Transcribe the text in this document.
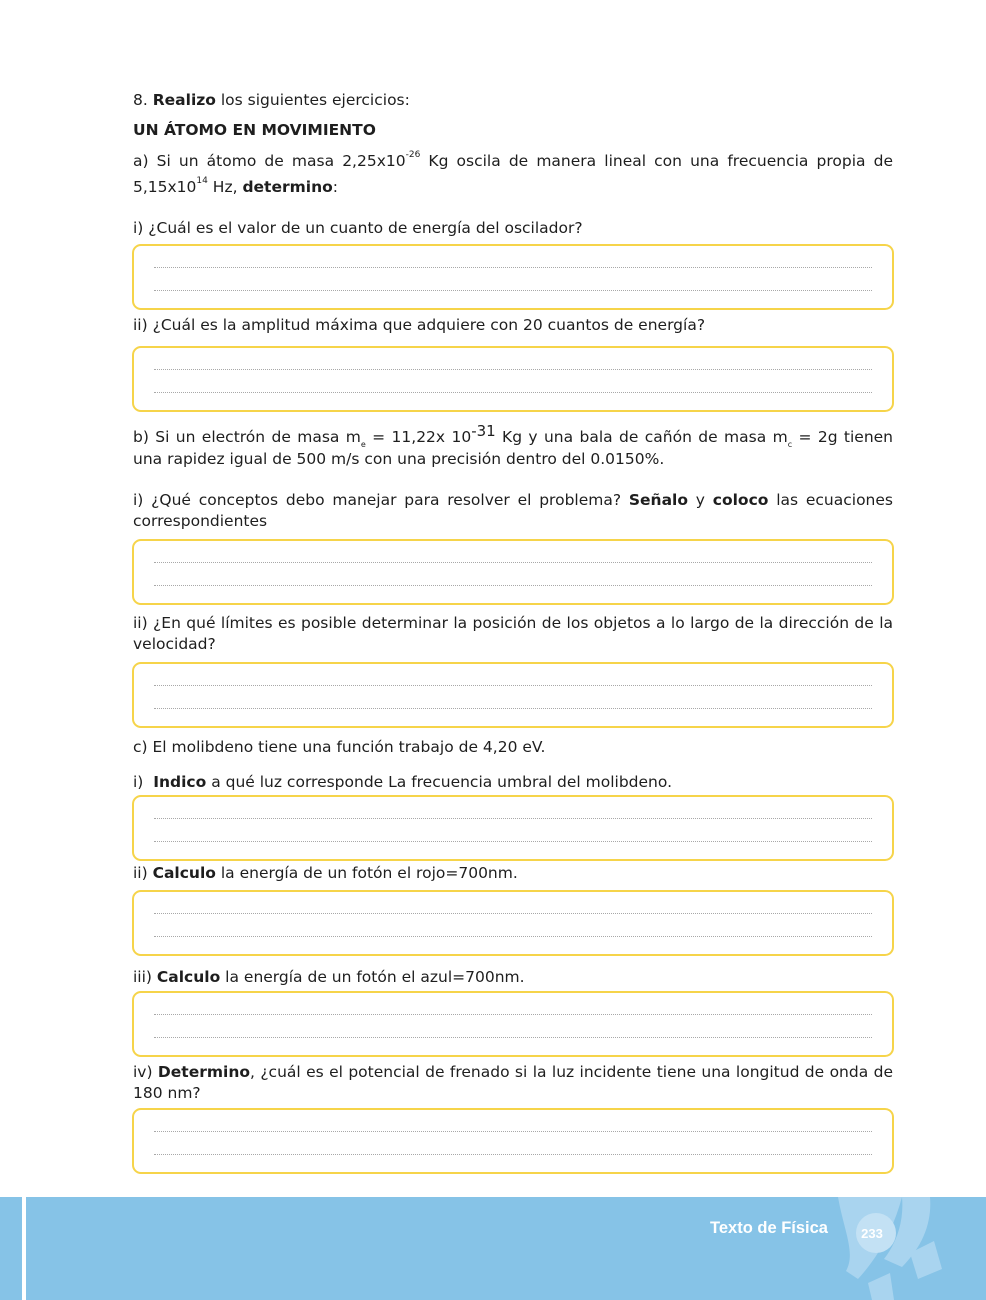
8. Realizo los siguientes ejercicios:

UN ÁTOMO EN MOVIMIENTO

a) Si un átomo de masa $2,25x10^{-26}$ Kg oscila de manera lineal con una frecuencia propia de

$5,15x10^{14}$ Hz, determino:

i) ¿Cuál es el valor de un cuanto de energía del oscilador?

ii) ¿Cuál es la amplitud máxima que adquiere con 20 cuantos de energía?

b) Si un electrón de masa $m_e = 11,22x$ 10-31 Kg y una bala de cañón de masa $m_c = 2g$ tienen

una rapidez igual de 500 m/s con una precisión dentro del 0.0150%.

i) ¿Qué conceptos debo manejar para resolver el problema? Señalo y coloco las ecuaciones

correspondientes

ii) ¿En qué límites es posible determinar la posición de los objetos a lo largo de la dirección de la

velocidad?

c) El molibdeno tiene una función trabajo de 4,20 eV.

i)  Indico a qué luz corresponde La frecuencia umbral del molibdeno.

ii) Calculo la energía de un fotón el rojo=700nm.

iii) Calculo la energía de un fotón el azul=700nm.

iv) Determino, ¿cuál es el potencial de frenado si la luz incidente tiene una longitud de onda de

180 nm?

Texto de Física	233
